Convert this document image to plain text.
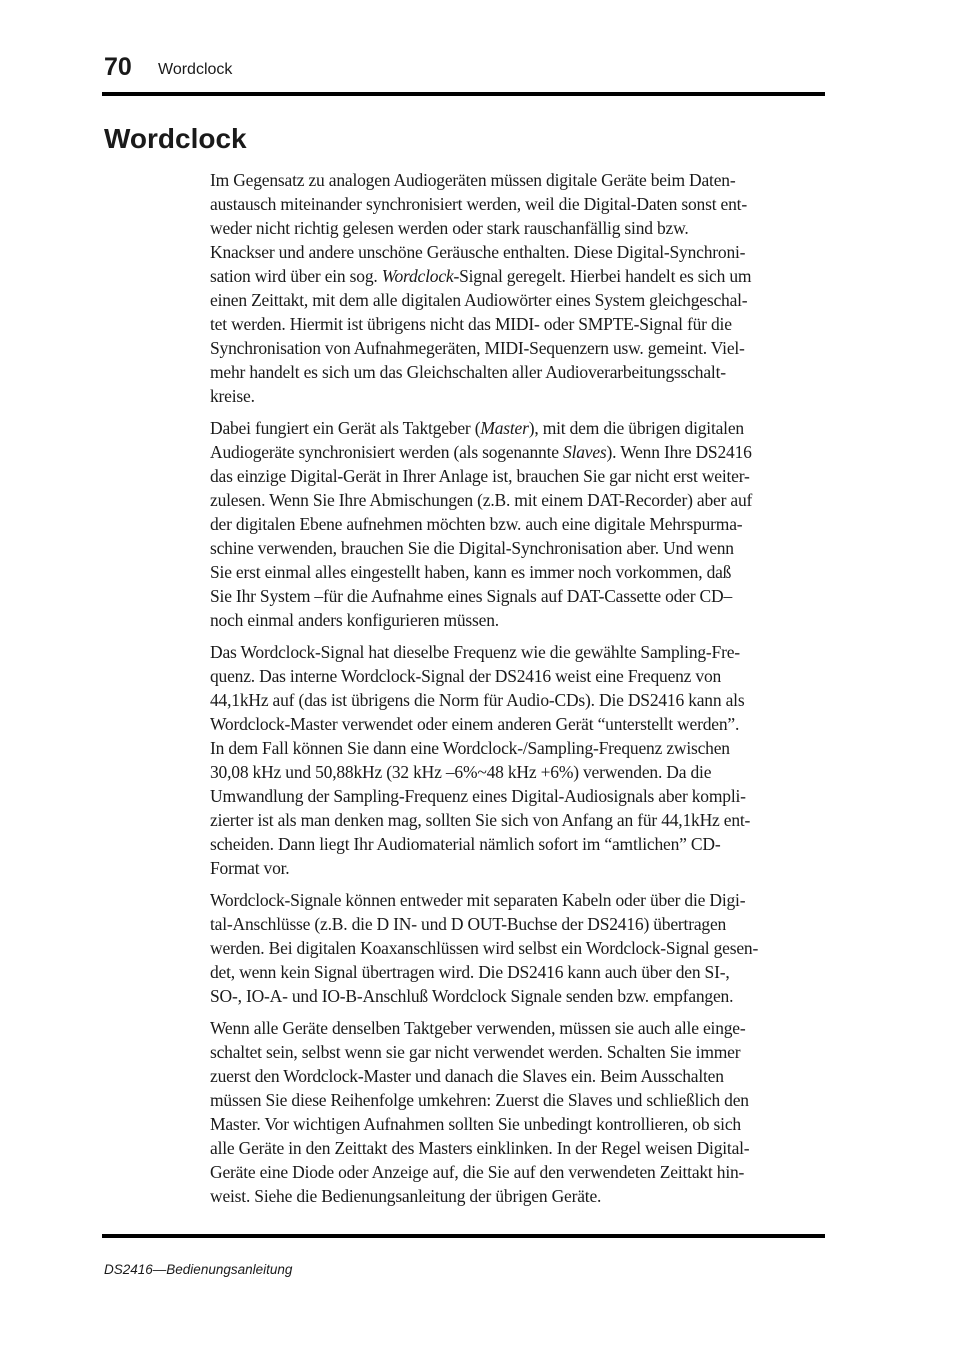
70 Wordclock
Wordclock

Im Gegensatz zu analogen Audiogeräten müssen digitale Geräte beim Daten-
austausch miteinander synchronisiert werden, weil die Digital-Daten sonst ent-
weder nicht richtig gelesen werden oder stark rauschanfällig sind bzw.
Knackser und andere unschöne Geräusche enthalten. Diese Digital-Synchroni-
sation wird über ein sog. Wordclock-Signal geregelt. Hierbei handelt es sich um
einen Zeittakt, mit dem alle digitalen Audiowörter eines System gleichgeschal-
tet werden. Hiermit ist übrigens nicht das MIDI- oder SMPTE-Signal für die
Synchronisation von Aufnahmegeräten, MIDI-Sequenzern usw. gemeint. Viel-
mehr handelt es sich um das Gleichschalten aller Audioverarbeitungsschalt-
kreise.

Dabei fungiert ein Gerät als Taktgeber (Master), mit dem die übrigen digitalen
Audiogeräte synchronisiert werden (als sogenannte Slaves). Wenn Ihre DS2416
das einzige Digital-Gerät in Ihrer Anlage ist, brauchen Sie gar nicht erst weiter-
zulesen. Wenn Sie Ihre Abmischungen (z.B. mit einem DAT-Recorder) aber auf
der digitalen Ebene aufnehmen möchten bzw. auch eine digitale Mehrspurma-
schine verwenden, brauchen Sie die Digital-Synchronisation aber. Und wenn
Sie erst einmal alles eingestellt haben, kann es immer noch vorkommen, daß
Sie Ihr System –für die Aufnahme eines Signals auf DAT-Cassette oder CD–
noch einmal anders konfigurieren müssen.

Das Wordclock-Signal hat dieselbe Frequenz wie die gewählte Sampling-Fre-
quenz. Das interne Wordclock-Signal der DS2416 weist eine Frequenz von
44,1kHz auf (das ist übrigens die Norm für Audio-CDs). Die DS2416 kann als
Wordclock-Master verwendet oder einem anderen Gerät “unterstellt werden”.
In dem Fall können Sie dann eine Wordclock-/Sampling-Frequenz zwischen
30,08 kHz und 50,88kHz (32 kHz –6%~48 kHz +6%) verwenden. Da die
Umwandlung der Sampling-Frequenz eines Digital-Audiosignals aber kompli-
zierter ist als man denken mag, sollten Sie sich von Anfang an für 44,1kHz ent-
scheiden. Dann liegt Ihr Audiomaterial nämlich sofort im “amtlichen” CD-
Format vor.

Wordclock-Signale können entweder mit separaten Kabeln oder über die Digi-
tal-Anschlüsse (z.B. die D IN- und D OUT-Buchse der DS2416) übertragen
werden. Bei digitalen Koaxanschlüssen wird selbst ein Wordclock-Signal gesen-
det, wenn kein Signal übertragen wird. Die DS2416 kann auch über den SI-,
SO-, IO-A- und IO-B-Anschluß Wordclock Signale senden bzw. empfangen.

Wenn alle Geräte denselben Taktgeber verwenden, müssen sie auch alle einge-
schaltet sein, selbst wenn sie gar nicht verwendet werden. Schalten Sie immer
zuerst den Wordclock-Master und danach die Slaves ein. Beim Ausschalten
müssen Sie diese Reihenfolge umkehren: Zuerst die Slaves und schließlich den
Master. Vor wichtigen Aufnahmen sollten Sie unbedingt kontrollieren, ob sich
alle Geräte in den Zeittakt des Masters einklinken. In der Regel weisen Digital-
Geräte eine Diode oder Anzeige auf, die Sie auf den verwendeten Zeittakt hin-
weist. Siehe die Bedienungsanleitung der übrigen Geräte.

DS2416—Bedienungsanleitung
